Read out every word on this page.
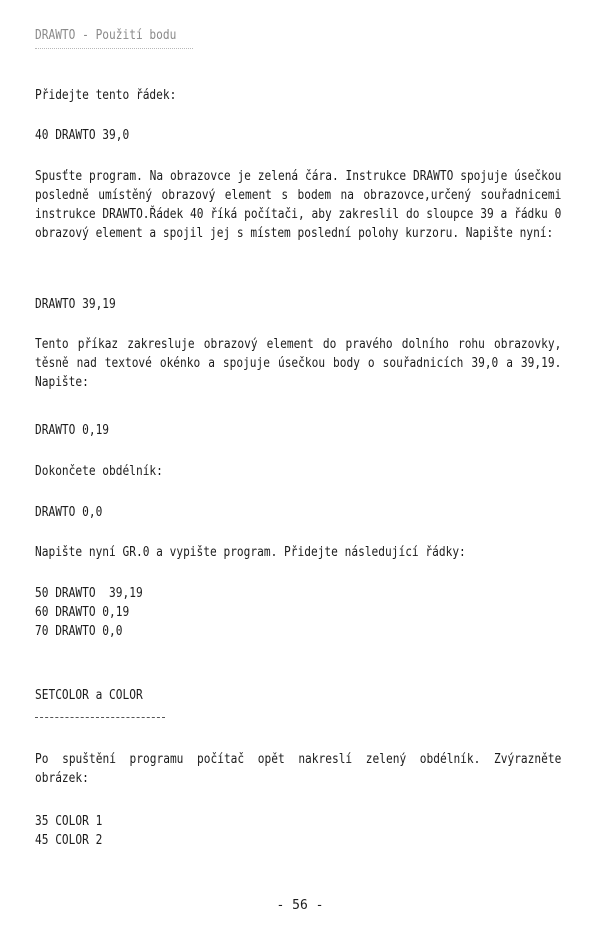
DRAWTO - Použití bodu
Přidejte tento řádek:
40 DRAWTO 39,0
Spusťte program. Na obrazovce je zelená čára. Instrukce DRAWTO spojuje úsečkou posledně umístěný obrazový element s bodem na obrazovce,určený souřadnicemi instrukce DRAWTO.Řádek 40 říká počítači, aby zakreslil do sloupce 39 a řádku 0 obrazový element a spojil jej s místem poslední polohy kurzoru. Napište nyní:
DRAWTO 39,19
Tento příkaz zakresluje obrazový element do pravého dolního rohu obrazovky, těsně nad textové okénko a spojuje úsečkou body o souřadnicích 39,0 a 39,19. Napište:
DRAWTO 0,19
Dokončete obdélník:
DRAWTO 0,0
Napište nyní GR.0 a vypište program. Přidejte následující řádky:
50 DRAWTO  39,19
60 DRAWTO 0,19
70 DRAWTO 0,0
SETCOLOR a COLOR
Po spuštění programu počítač opět nakreslí zelený obdélník. Zvýrazněte obrázek:
35 COLOR 1
45 COLOR 2
- 56 -
